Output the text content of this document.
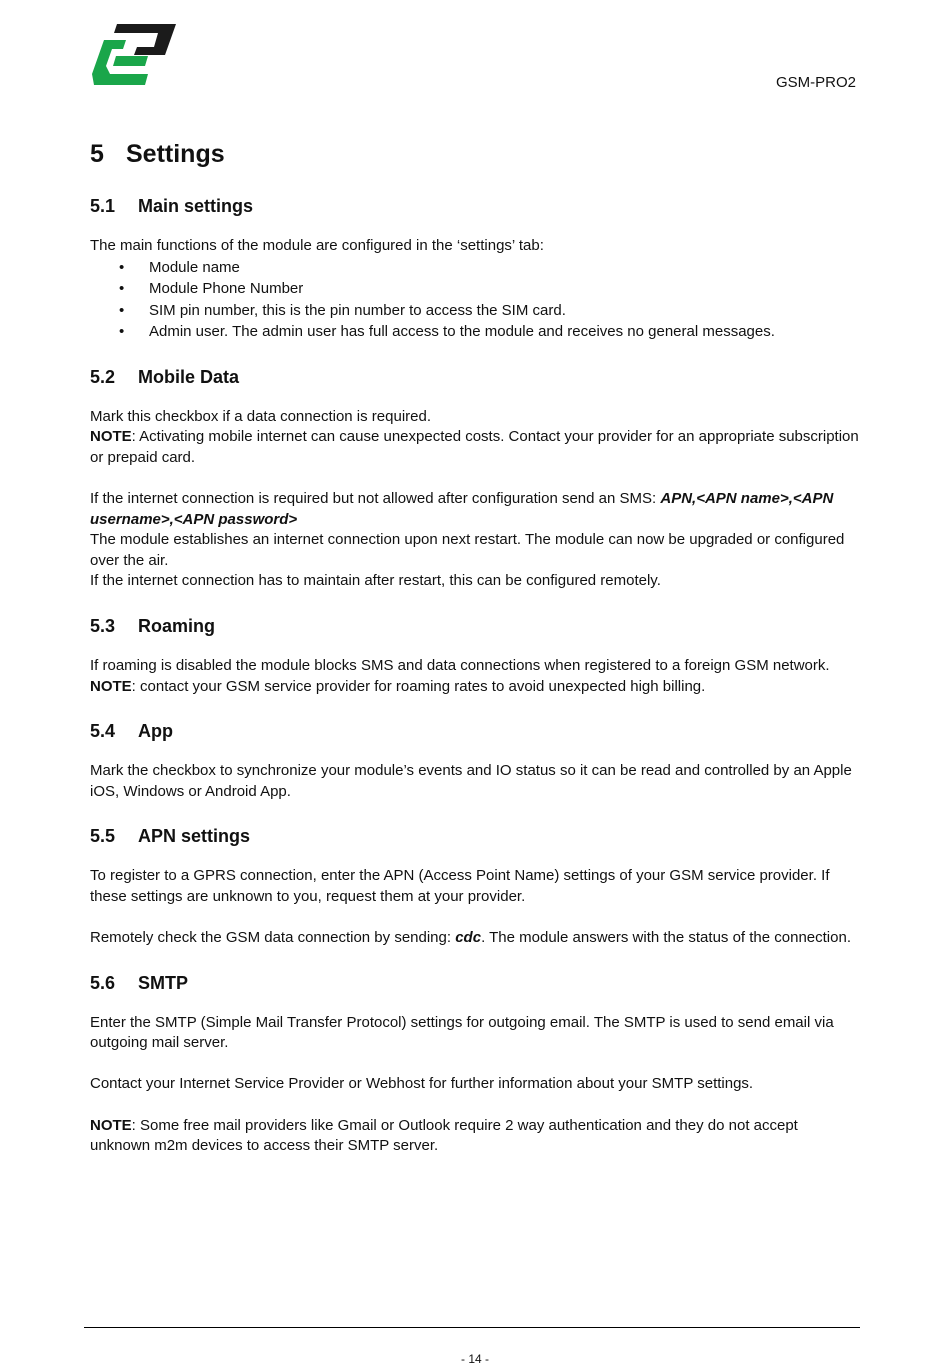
GSM-PRO2
5 Settings
5.1 Main settings

The main functions of the module are configured in the ‘settings’ tab:

• Module name
• Module Phone Number
• SIM pin number, this is the pin number to access the SIM card.
• Admin user. The admin user has full access to the module and receives no general messages.
5.2 Mobile Data

Mark this checkbox if a data connection is required.

NOTE: Activating mobile internet can cause unexpected costs. Contact your provider for an appropriate subscription or prepaid card.

If the internet connection is required but not allowed after configuration send an SMS: APN,<APN name>,<APN username>,<APN password>

The module establishes an internet connection upon next restart. The module can now be upgraded or configured over the air.

If the internet connection has to maintain after restart, this can be configured remotely.

5.3 Roaming

If roaming is disabled the module blocks SMS and data connections when registered to a foreign GSM network.

NOTE: contact your GSM service provider for roaming rates to avoid unexpected high billing.

5.4 App

Mark the checkbox to synchronize your module’s events and IO status so it can be read and controlled by an Apple iOS, Windows or Android App.

5.5 APN settings

To register to a GPRS connection, enter the APN (Access Point Name) settings of your GSM service provider. If these settings are unknown to you, request them at your provider.

Remotely check the GSM data connection by sending: cdc. The module answers with the status of the connection.

5.6 SMTP

Enter the SMTP (Simple Mail Transfer Protocol) settings for outgoing email. The SMTP is used to send email via outgoing mail server.

Contact your Internet Service Provider or Webhost for further information about your SMTP settings.

NOTE: Some free mail providers like Gmail or Outlook require 2 way authentication and they do not accept unknown m2m devices to access their SMTP server.

- 14 -
